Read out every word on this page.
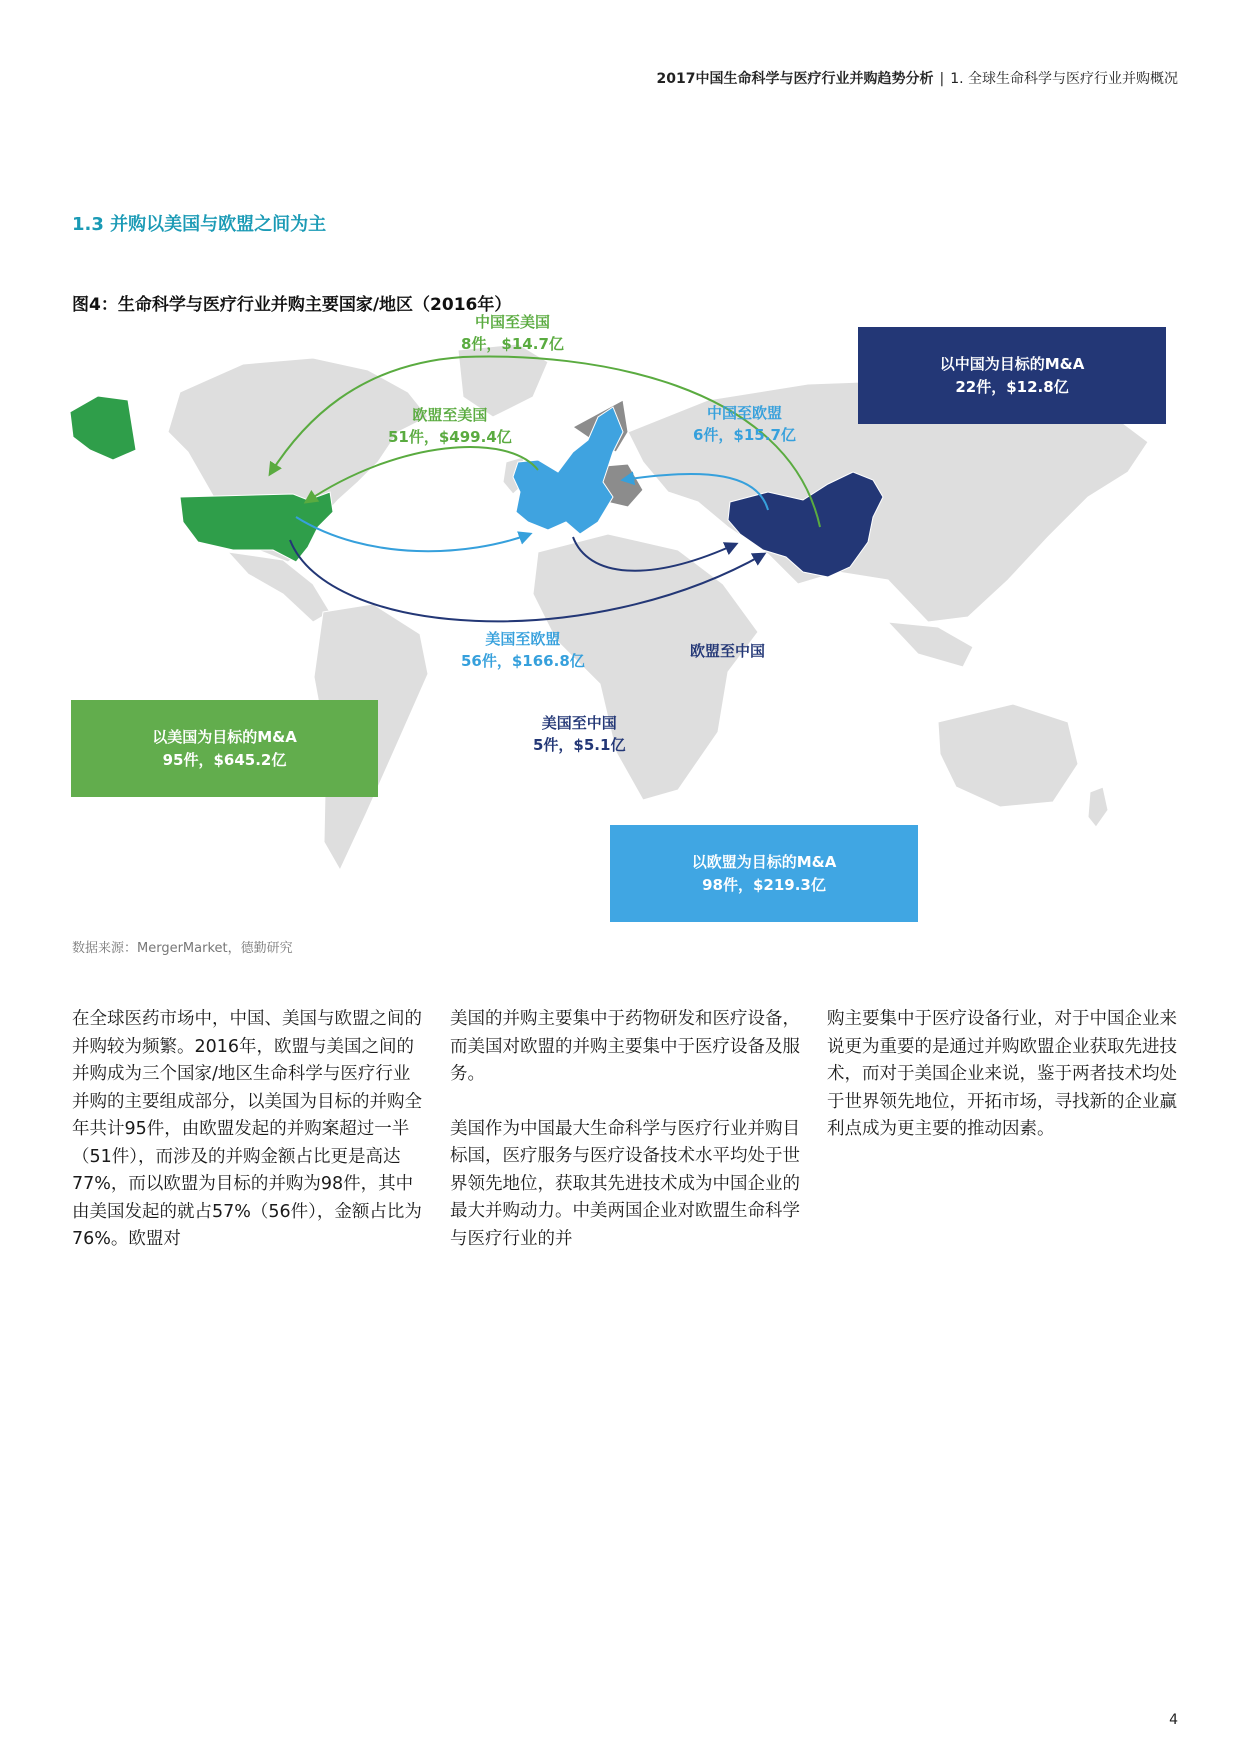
2017中国生命科学与医疗行业并购趋势分析 | 1. 全球生命科学与医疗行业并购概况
1.3 并购以美国与欧盟之间为主
图4：生命科学与医疗行业并购主要国家/地区（2016年）
以中国为目标的M&A
22件，$12.8亿
以美国为目标的M&A
95件，$645.2亿
以欧盟为目标的M&A
98件，$219.3亿
中国至美国
8件，$14.7亿
欧盟至美国
51件，$499.4亿
中国至欧盟
6件，$15.7亿
美国至欧盟
56件，$166.8亿
欧盟至中国
美国至中国
5件，$5.1亿
数据来源：MergerMarket，德勤研究

在全球医药市场中，中国、美国与欧盟之间的并购较为频繁。2016年，欧盟与美国之间的并购成为三个国家/地区生命科学与医疗行业并购的主要组成部分，以美国为目标的并购全年共计95件，由欧盟发起的并购案超过一半（51件），而涉及的并购金额占比更是高达77%，而以欧盟为目标的并购为98件，其中由美国发起的就占57%（56件），金额占比为76%。欧盟对

美国的并购主要集中于药物研发和医疗设备，而美国对欧盟的并购主要集中于医疗设备及服务。

美国作为中国最大生命科学与医疗行业并购目标国，医疗服务与医疗设备技术水平均处于世界领先地位，获取其先进技术成为中国企业的最大并购动力。中美两国企业对欧盟生命科学与医疗行业的并

购主要集中于医疗设备行业，对于中国企业来说更为重要的是通过并购欧盟企业获取先进技术，而对于美国企业来说，鉴于两者技术均处于世界领先地位，开拓市场，寻找新的企业赢利点成为更主要的推动因素。

4
